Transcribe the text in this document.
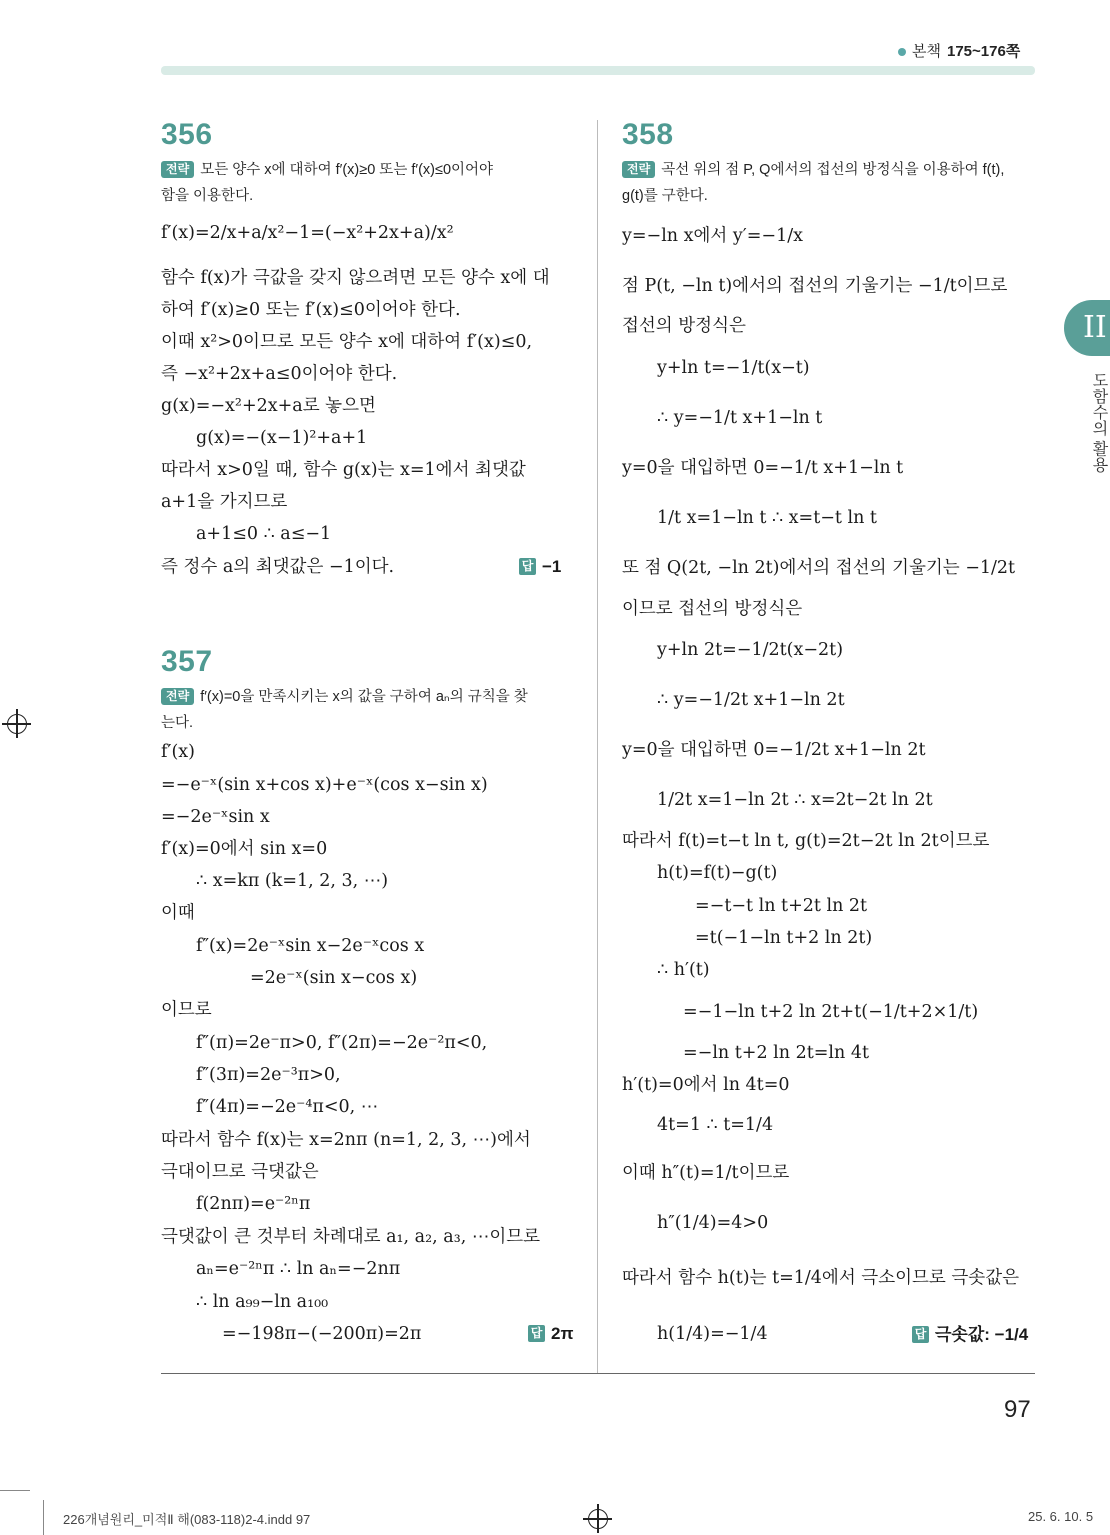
본책 175~176쪽
97
II
도함수의 활용
226개념원리_미적Ⅱ 해(083-118)2-4.indd 97	25. 6. 10. 5
356
전략 모든 양수 x에 대하여 f′(x)≥0 또는 f′(x)≤0이어야
함을 이용한다.
f′(x)=2/x+a/x²−1=(−x²+2x+a)/x²
함수 f(x)가 극값을 갖지 않으려면 모든 양수 x에 대
하여 f′(x)≥0 또는 f′(x)≤0이어야 한다.
이때 x²>0이므로 모든 양수 x에 대하여 f′(x)≤0,
즉 −x²+2x+a≤0이어야 한다.
g(x)=−x²+2x+a로 놓으면
g(x)=−(x−1)²+a+1
따라서 x>0일 때, 함수 g(x)는 x=1에서 최댓값
a+1을 가지므로
a+1≤0 ∴ a≤−1
즉 정수 a의 최댓값은 −1이다.	답 −1
357
전략 f′(x)=0을 만족시키는 x의 값을 구하여 aₙ의 규칙을 찾
는다.
f′(x)
=−e⁻ˣ(sin x+cos x)+e⁻ˣ(cos x−sin x)
=−2e⁻ˣsin x
f′(x)=0에서 sin x=0
∴ x=kπ (k=1, 2, 3, ⋯)
이때
f″(x)=2e⁻ˣsin x−2e⁻ˣcos x
=2e⁻ˣ(sin x−cos x)
이므로
f″(π)=2e⁻π>0, f″(2π)=−2e⁻²π<0,
f″(3π)=2e⁻³π>0,
f″(4π)=−2e⁻⁴π<0, ⋯
따라서 함수 f(x)는 x=2nπ (n=1, 2, 3, ⋯)에서
극대이므로 극댓값은
f(2nπ)=e⁻²ⁿπ
극댓값이 큰 것부터 차례대로 a₁, a₂, a₃, ⋯이므로
aₙ=e⁻²ⁿπ ∴ ln aₙ=−2nπ
∴ ln a₉₉−ln a₁₀₀
=−198π−(−200π)=2π	답 2π
358
전략 곡선 위의 점 P, Q에서의 접선의 방정식을 이용하여 f(t),
g(t)를 구한다.
y=−ln x에서 y′=−1/x
점 P(t, −ln t)에서의 접선의 기울기는 −1/t이므로
접선의 방정식은
y+ln t=−1/t(x−t)
∴ y=−1/t x+1−ln t
y=0을 대입하면 0=−1/t x+1−ln t
1/t x=1−ln t ∴ x=t−t ln t
또 점 Q(2t, −ln 2t)에서의 접선의 기울기는 −1/2t
이므로 접선의 방정식은
y+ln 2t=−1/2t(x−2t)
∴ y=−1/2t x+1−ln 2t
y=0을 대입하면 0=−1/2t x+1−ln 2t
1/2t x=1−ln 2t ∴ x=2t−2t ln 2t
따라서 f(t)=t−t ln t, g(t)=2t−2t ln 2t이므로
h(t)=f(t)−g(t)
=−t−t ln t+2t ln 2t
=t(−1−ln t+2 ln 2t)
∴ h′(t)
=−1−ln t+2 ln 2t+t(−1/t+2×1/t)
=−ln t+2 ln 2t=ln 4t
h′(t)=0에서 ln 4t=0
4t=1 ∴ t=1/4
이때 h″(t)=1/t이므로
h″(1/4)=4>0
따라서 함수 h(t)는 t=1/4에서 극소이므로 극솟값은
h(1/4)=−1/4	답 극솟값: −1/4
